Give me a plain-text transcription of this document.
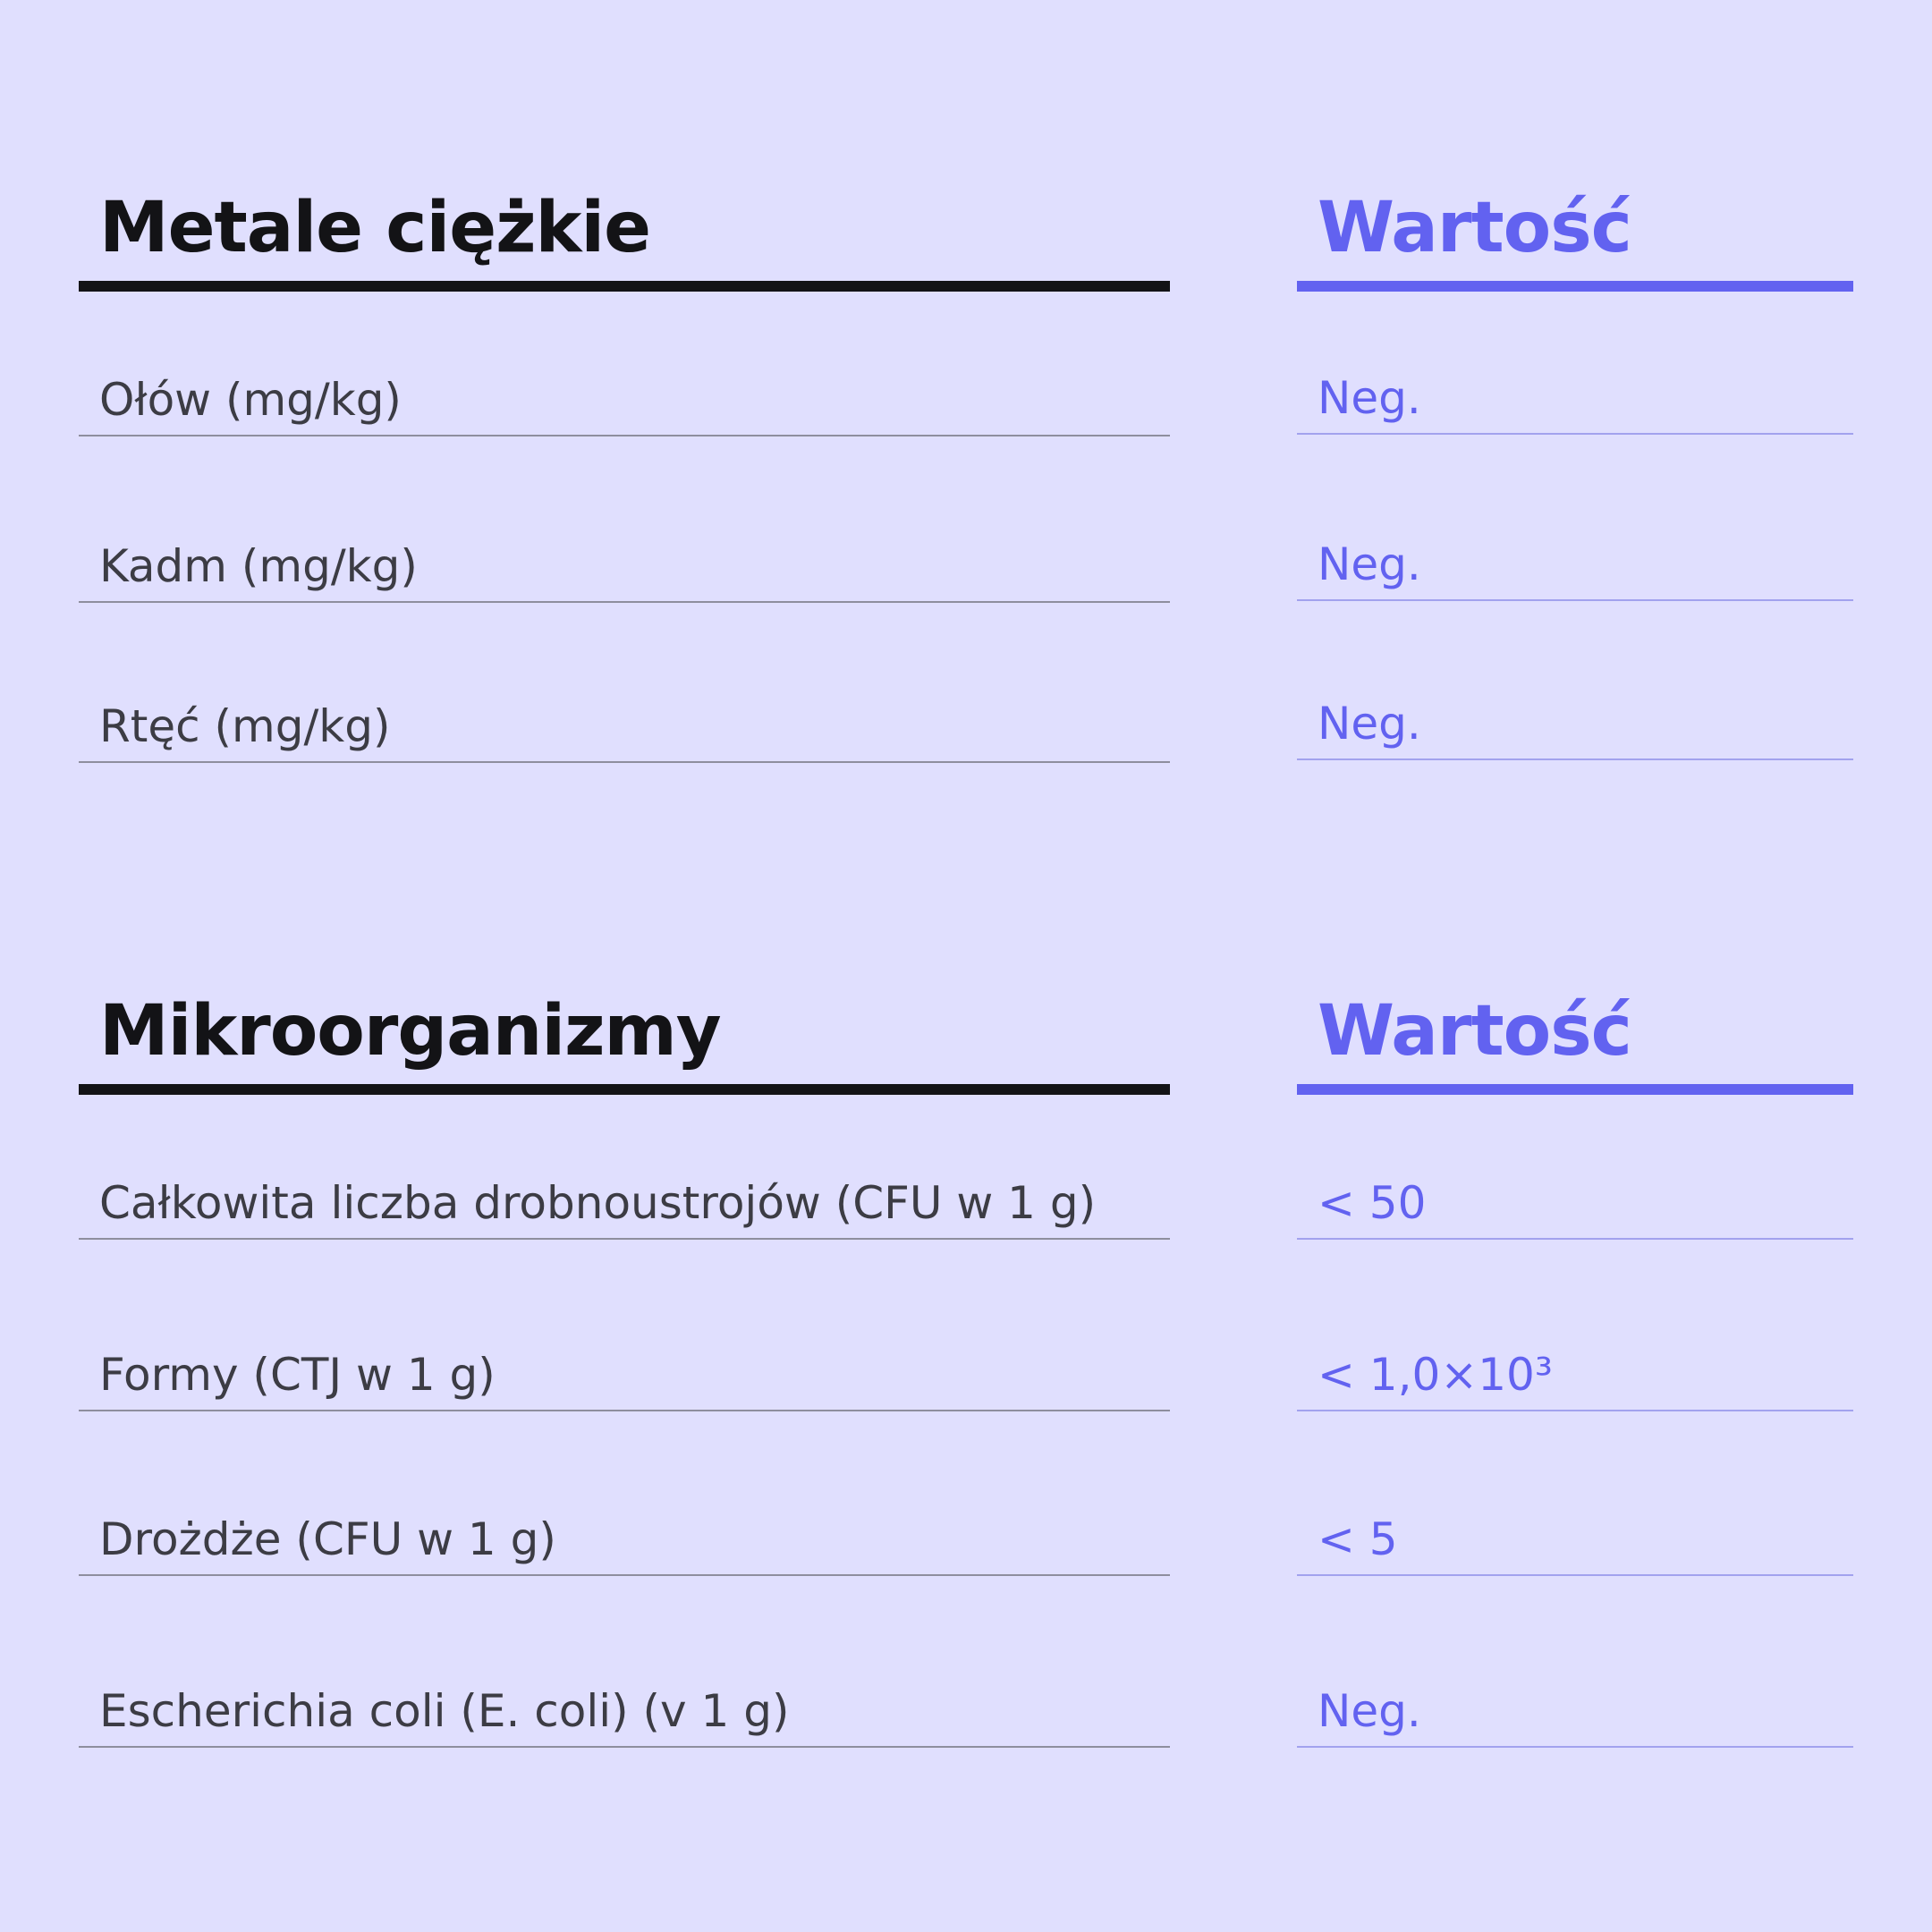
Metale ciężkie
Ołów (mg/kg)
Kadm (mg/kg)
Rtęć (mg/kg)
Wartość
Neg.
Neg.
Neg.
Mikroorganizmy
Całkowita liczba drobnoustrojów (CFU w 1 g)
Formy (CTJ w 1 g)
Drożdże (CFU w 1 g)
Escherichia coli (E. coli) (v 1 g)
Wartość
< 50
< 1,0×10³
< 5
Neg.
